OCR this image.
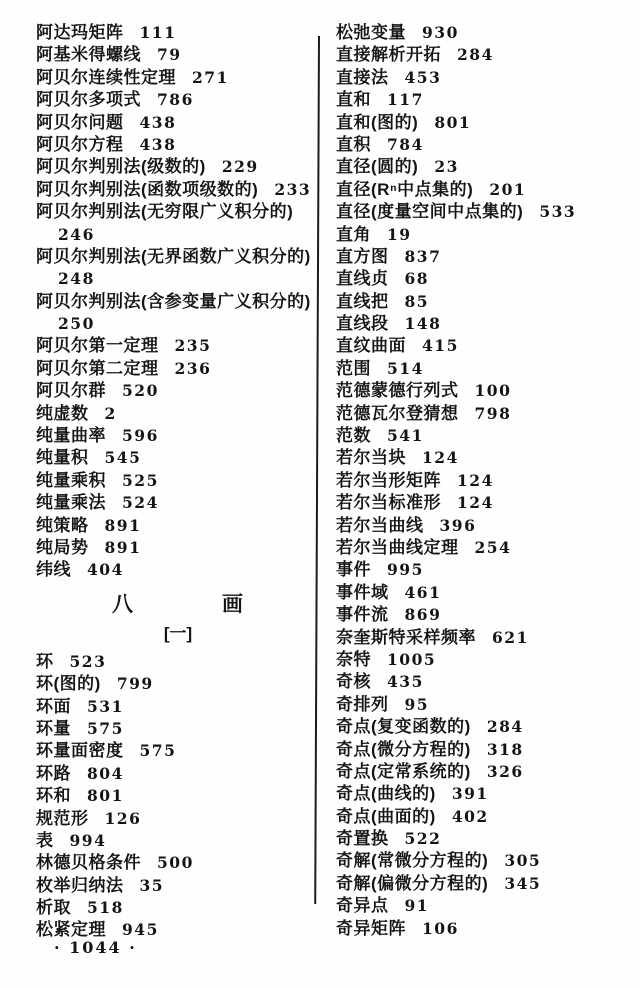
阿达玛矩阵 111
阿基米得螺线 79
阿贝尔连续性定理 271
阿贝尔多项式 786
阿贝尔问题 438
阿贝尔方程 438
阿贝尔判别法(级数的) 229
阿贝尔判别法(函数项级数的) 233
阿贝尔判别法(无穷限广义积分的)
246
阿贝尔判别法(无界函数广义积分的)
248
阿贝尔判别法(含参变量广义积分的)
250
阿贝尔第一定理 235
阿贝尔第二定理 236
阿贝尔群 520
纯虚数 2
纯量曲率 596
纯量积 545
纯量乘积 525
纯量乘法 524
纯策略 891
纯局势 891
纬线 404
八	画
[一]
环 523
环(图的) 799
环面 531
环量 575
环量面密度 575
环路 804
环和 801
规范形 126
表 994
林德贝格条件 500
枚举归纳法 35
析取 518
松紧定理 945
松弛变量 930
直接解析开拓 284
直接法 453
直和 117
直和(图的) 801
直积 784
直径(圆的) 23
直径(Rⁿ中点集的) 201
直径(度量空间中点集的) 533
直角 19
直方图 837
直线贞 68
直线把 85
直线段 148
直纹曲面 415
范围 514
范德蒙德行列式 100
范德瓦尔登猜想 798
范数 541
若尔当块 124
若尔当形矩阵 124
若尔当标准形 124
若尔当曲线 396
若尔当曲线定理 254
事件 995
事件域 461
事件流 869
奈奎斯特采样频率 621
奈特 1005
奇核 435
奇排列 95
奇点(复变函数的) 284
奇点(微分方程的) 318
奇点(定常系统的) 326
奇点(曲线的) 391
奇点(曲面的) 402
奇置换 522
奇解(常微分方程的) 305
奇解(偏微分方程的) 345
奇异点 91
奇异矩阵 106
· 1044 ·
